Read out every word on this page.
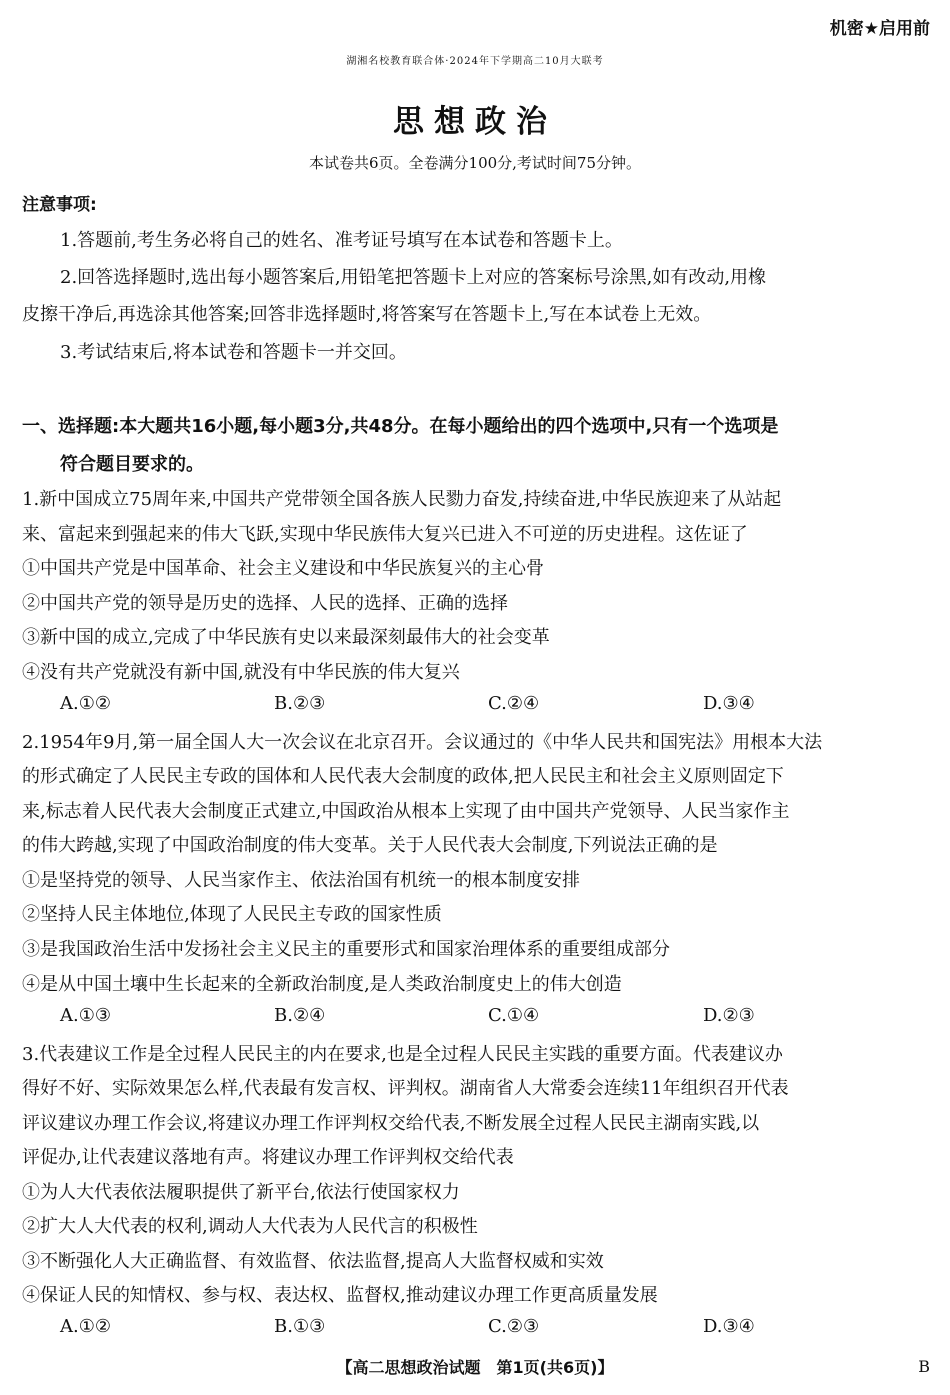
机密★启用前
湖湘名校教育联合体·2024年下学期高二10月大联考
思想政治
本试卷共6页。全卷满分100分,考试时间75分钟。
注意事项:
1.答题前,考生务必将自己的姓名、准考证号填写在本试卷和答题卡上。
2.回答选择题时,选出每小题答案后,用铅笔把答题卡上对应的答案标号涂黑,如有改动,用橡
皮擦干净后,再选涂其他答案;回答非选择题时,将答案写在答题卡上,写在本试卷上无效。
3.考试结束后,将本试卷和答题卡一并交回。
一、选择题:本大题共16小题,每小题3分,共48分。在每小题给出的四个选项中,只有一个选项是
符合题目要求的。
1.新中国成立75周年来,中国共产党带领全国各族人民勠力奋发,持续奋进,中华民族迎来了从站起
来、富起来到强起来的伟大飞跃,实现中华民族伟大复兴已进入不可逆的历史进程。这佐证了
①中国共产党是中国革命、社会主义建设和中华民族复兴的主心骨
②中国共产党的领导是历史的选择、人民的选择、正确的选择
③新中国的成立,完成了中华民族有史以来最深刻最伟大的社会变革
④没有共产党就没有新中国,就没有中华民族的伟大复兴
A.①②	B.②③	C.②④	D.③④
2.1954年9月,第一届全国人大一次会议在北京召开。会议通过的《中华人民共和国宪法》用根本大法
的形式确定了人民民主专政的国体和人民代表大会制度的政体,把人民民主和社会主义原则固定下
来,标志着人民代表大会制度正式建立,中国政治从根本上实现了由中国共产党领导、人民当家作主
的伟大跨越,实现了中国政治制度的伟大变革。关于人民代表大会制度,下列说法正确的是
①是坚持党的领导、人民当家作主、依法治国有机统一的根本制度安排
②坚持人民主体地位,体现了人民民主专政的国家性质
③是我国政治生活中发扬社会主义民主的重要形式和国家治理体系的重要组成部分
④是从中国土壤中生长起来的全新政治制度,是人类政治制度史上的伟大创造
A.①③	B.②④	C.①④	D.②③
3.代表建议工作是全过程人民民主的内在要求,也是全过程人民民主实践的重要方面。代表建议办
得好不好、实际效果怎么样,代表最有发言权、评判权。湖南省人大常委会连续11年组织召开代表
评议建议办理工作会议,将建议办理工作评判权交给代表,不断发展全过程人民民主湖南实践,以
评促办,让代表建议落地有声。将建议办理工作评判权交给代表
①为人大代表依法履职提供了新平台,依法行使国家权力
②扩大人大代表的权利,调动人大代表为人民代言的积极性
③不断强化人大正确监督、有效监督、依法监督,提高人大监督权威和实效
④保证人民的知情权、参与权、表达权、监督权,推动建议办理工作更高质量发展
A.①②	B.①③	C.②③	D.③④
【高二思想政治试题　第1页(共6页)】	B
